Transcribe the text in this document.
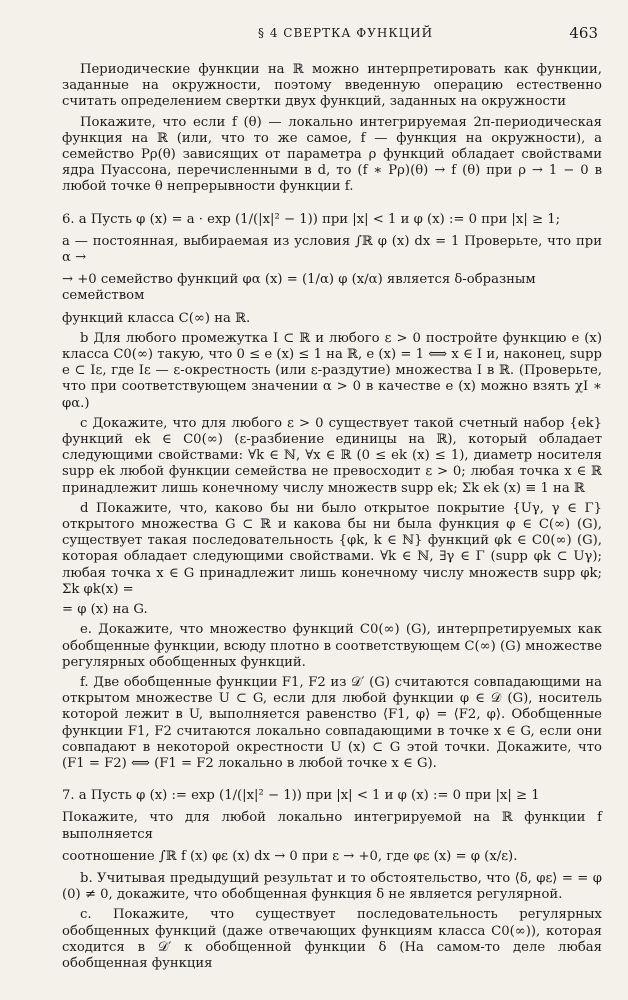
§ 4 СВЕРТКА ФУНКЦИЙ	463

Периодические функции на ℝ можно интерпретировать как функции, заданные на окружности, поэтому введенную операцию естественно считать определением свертки двух функций, заданных на окружности

Покажите, что если f (θ) — локально интегрируемая 2π-периодическая функция на ℝ (или, что то же самое, f — функция на окружности), а семейство Pρ(θ) зависящих от параметра ρ функций обладает свойствами ядра Пуассона, перечисленными в d, то (f ∗ Pρ)(θ) → f (θ) при ρ → 1 − 0 в любой точке θ непрерывности функции f.

6. a Пусть φ (x) = a · exp (1/(|x|² − 1)) при |x| < 1 и φ (x) := 0 при |x| ≥ 1;

a — постоянная, выбираемая из условия ∫ℝ φ (x) dx = 1 Проверьте, что при α →

→ +0 семейство функций φα (x) = (1/α) φ (x/α) является δ-образным семейством

функций класса C(∞) на ℝ.

b Для любого промежутка I ⊂ ℝ и любого ε > 0 постройте функцию e (x) класса C0(∞) такую, что 0 ≤ e (x) ≤ 1 на ℝ, e (x) = 1 ⟺ x ∈ I и, наконец, supp e ⊂ Iε, где Iε — ε-окрестность (или ε-раздутие) множества I в ℝ. (Проверьте, что при соответствующем значении α > 0 в качестве e (x) можно взять χI ∗ φα.)

c Докажите, что для любого ε > 0 существует такой счетный набор {ek} функций ek ∈ C0(∞) (ε-разбиение единицы на ℝ), который обладает следующими свойствами: ∀k ∈ ℕ, ∀x ∈ ℝ (0 ≤ ek (x) ≤ 1), диаметр носителя supp ek любой функции семейства не превосходит ε > 0; любая точка x ∈ ℝ принадлежит лишь конечному числу множеств supp ek; Σk ek (x) ≡ 1 на ℝ

d Покажите, что, каково бы ни было открытое покрытие {Uγ, γ ∈ Γ} открытого множества G ⊂ ℝ и какова бы ни была функция φ ∈ C(∞) (G), существует такая последовательность {φk, k ∈ ℕ} функций φk ∈ C0(∞) (G), которая обладает следующими свойствами. ∀k ∈ ℕ, ∃γ ∈ Γ (supp φk ⊂ Uγ); любая точка x ∈ G принадлежит лишь конечному числу множеств supp φk; Σk φk(x) =

= φ (x) на G.

e. Докажите, что множество функций C0(∞) (G), интерпретируемых как обобщенные функции, всюду плотно в соответствующем C(∞) (G) множестве регулярных обобщенных функций.

f. Две обобщенные функции F1, F2 из 𝒟′ (G) считаются совпадающими на открытом множестве U ⊂ G, если для любой функции φ ∈ 𝒟 (G), носитель которой лежит в U, выполняется равенство ⟨F1, φ⟩ = ⟨F2, φ⟩. Обобщенные функции F1, F2 считаются локально совпадающими в точке x ∈ G, если они совпадают в некоторой окрестности U (x) ⊂ G этой точки. Докажите, что (F1 = F2) ⟺ (F1 = F2 локально в любой точке x ∈ G).

7. a Пусть φ (x) := exp (1/(|x|² − 1)) при |x| < 1 и φ (x) := 0 при |x| ≥ 1

Покажите, что для любой локально интегрируемой на ℝ функции f выполняется

соотношение ∫ℝ f (x) φε (x) dx → 0 при ε → +0, где φε (x) = φ (x/ε).

b. Учитывая предыдущий результат и то обстоятельство, что ⟨δ, φε⟩ = = φ (0) ≠ 0, докажите, что обобщенная функция δ не является регулярной.

c. Покажите, что существует последовательность регулярных обобщенных функций (даже отвечающих функциям класса C0(∞)), которая сходится в 𝒟′ к обобщенной функции δ (На самом-то деле любая обобщенная функция
